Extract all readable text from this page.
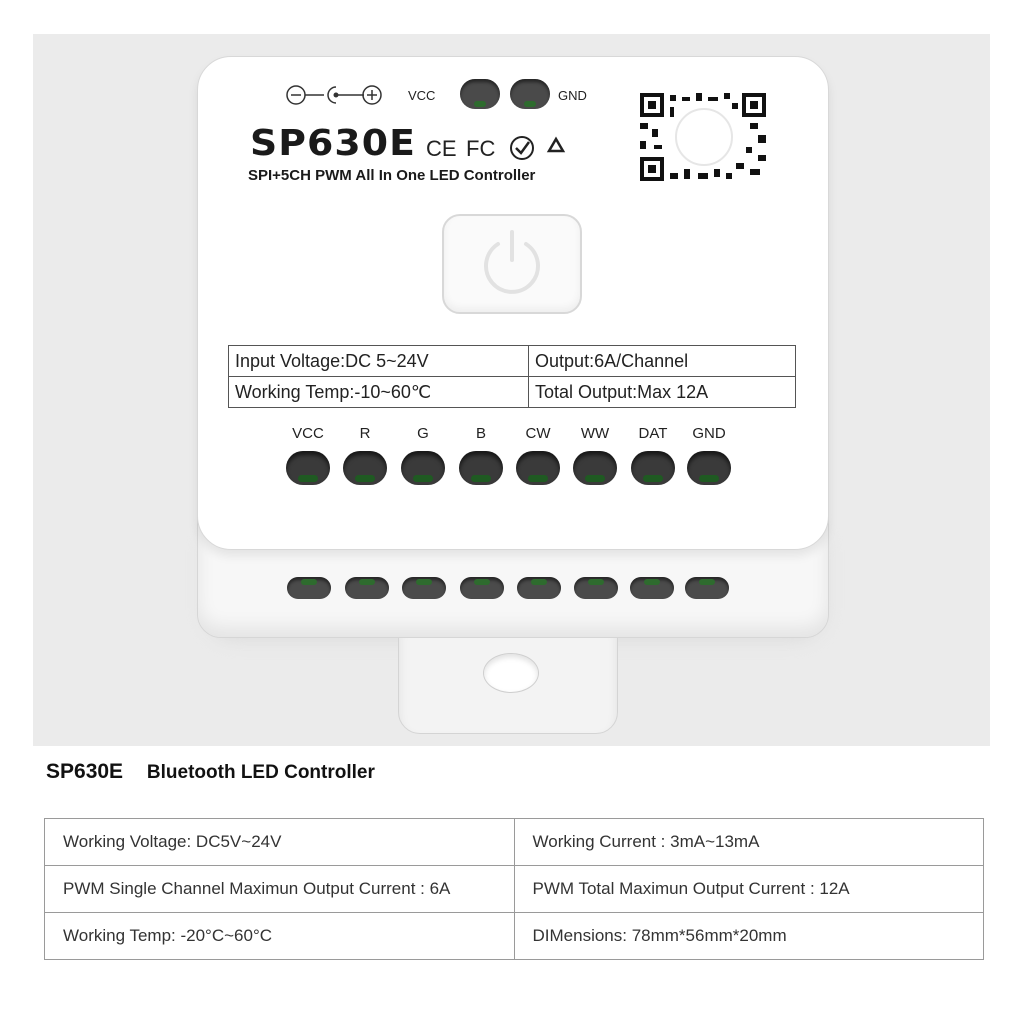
VCC	GND
SP630E CE FC
SPI+5CH PWM All In One LED Controller
Input Voltage:DC 5~24V	Output:6A/Channel
Working Temp:-10~60℃	Total Output:Max 12A
VCC	R	G	B	CW	WW	DAT	GND
SP630E Bluetooth LED Controller
Working Voltage: DC5V~24V	Working Current : 3mA~13mA
PWM Single Channel Maximun Output Current : 6A	PWM Total Maximun Output Current : 12A
Working Temp: -20°C~60°C	DIMensions: 78mm*56mm*20mm
